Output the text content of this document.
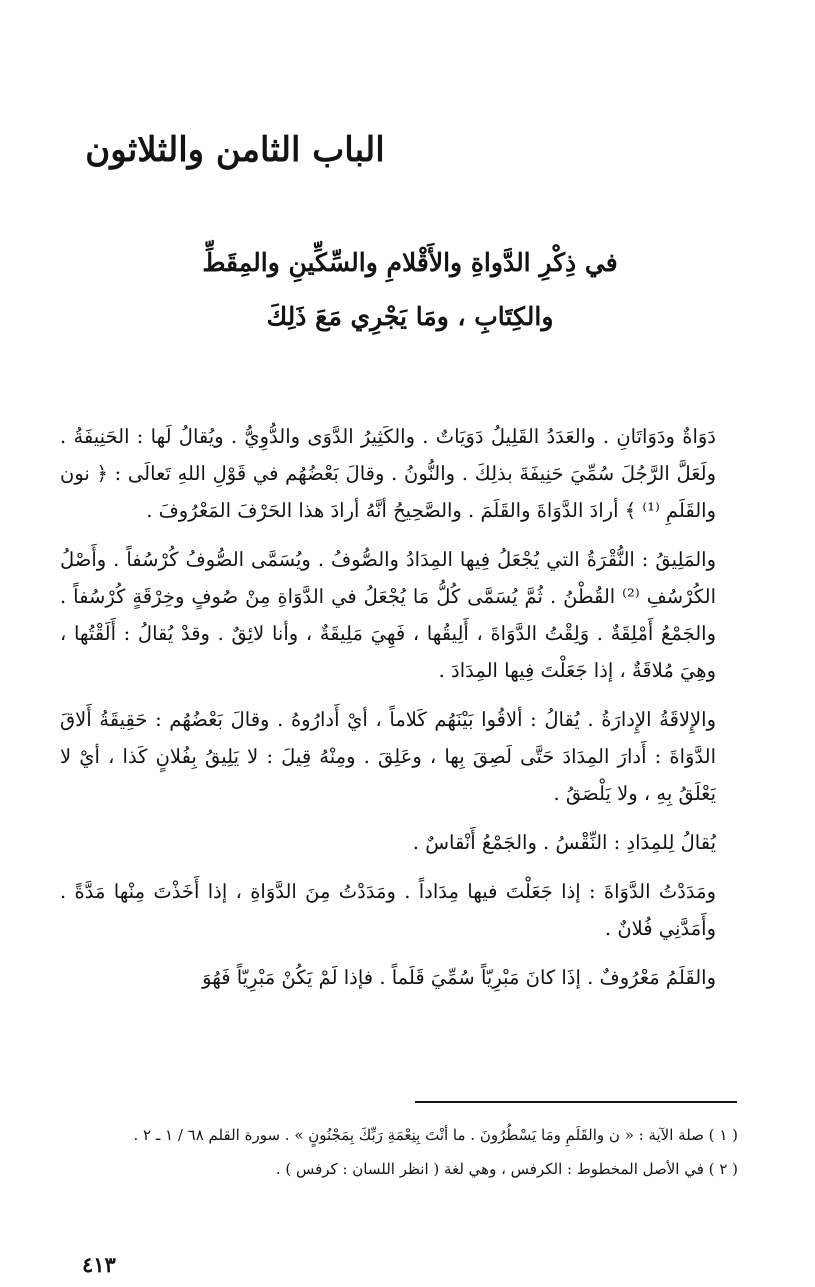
الباب الثامن والثلاثون
في ذِكْرِ الدَّواةِ والأَقْلامِ والسِّكِّينِ والمِقَطِّ
والكِتَابِ ، ومَا يَجْرِي مَعَ ذَلِكَ

دَوَاةٌ ودَوَاتَانِ . والعَدَدُ القَلِيلُ دَوَيَاتٌ . والكَثِيرُ الدَّوَى والدُّوِيُّ . ويُقالُ لَها : الحَنِيفَةُ . ولَعَلَّ الرَّجُلَ سُمِّيَ حَنِيفَةَ بذلِكَ . والنُّونُ . وقالَ بَعْضُهُم في قَوْلِ اللهِ تَعالَى : ﴿ نون والقَلَمِ ⁽¹⁾ ﴾ أرادَ الدَّوَاةَ والقَلَمَ . والصَّحِيحُ أنَّهُ أرادَ هذا الحَرْفَ المَعْرُوفَ .

والمَلِيقُ : النُّقْرَةُ التي يُجْعَلُ فِيها المِدَادُ والصُّوفُ . ويُسَمَّى الصُّوفُ كُرْسُفاً . وأَصْلُ الكُرْسُفِ ⁽²⁾ القُطْنُ . ثُمَّ يُسَمَّى كُلُّ مَا يُجْعَلُ في الدَّوَاةِ مِنْ صُوفٍ وخِرْقَةٍ كُرْسُفاً . والجَمْعُ أَمْلِقَةٌ . وَلِقْتُ الدَّوَاةَ ، أَلِيقُها ، فَهِيَ مَلِيقَةٌ ، وأنا لائِقٌ . وقدْ يُقالُ : أَلَقْتُها ، وهِيَ مُلاقَةٌ ، إذا جَعَلْتَ فِيها المِدَادَ .

والإِلاقَةُ الإِدارَةُ . يُقالُ : ألاقُوا بَيْنَهُم كَلاماً ، أيْ أَدارُوهُ . وقالَ بَعْضُهُم : حَقِيقَةُ أَلاقَ الدَّوَاةَ : أَدارَ المِدَادَ حَتَّى لَصِقَ بِها ، وعَلِقَ . ومِنْهُ قِيلَ : لا يَلِيقُ بِفُلانٍ كَذا ، أيْ لا يَعْلَقُ بِهِ ، ولا يَلْصَقُ .

يُقالُ لِلمِدَادِ : النِّقْسُ . والجَمْعُ أَنْقاسٌ .

ومَدَدْتُ الدَّوَاةَ : إذا جَعَلْتَ فيها مِدَاداً . ومَدَدْتُ مِنَ الدَّوَاةِ ، إذا أَخَذْتَ مِنْها مَدَّةً . وأَمَدَّنِي فُلانٌ .

والقَلَمُ مَعْرُوفٌ . إذَا كانَ مَبْرِيّاً سُمِّيَ قَلَماً . فإذا لَمْ يَكُنْ مَبْرِيّاً فَهُوَ

( ١ ) صلة الآية : « ن والقَلَمِ ومَا يَسْطُرُونَ . ما أنْتَ بِنِعْمَةِ رَبِّكَ بِمَجْنُونٍ » . سورة القلم ٦٨ / ١ ـ ٢ .

( ٢ ) في الأصل المخطوط : الكرفس ، وهي لغة ( انظر اللسان : كرفس ) .

٤١٣
